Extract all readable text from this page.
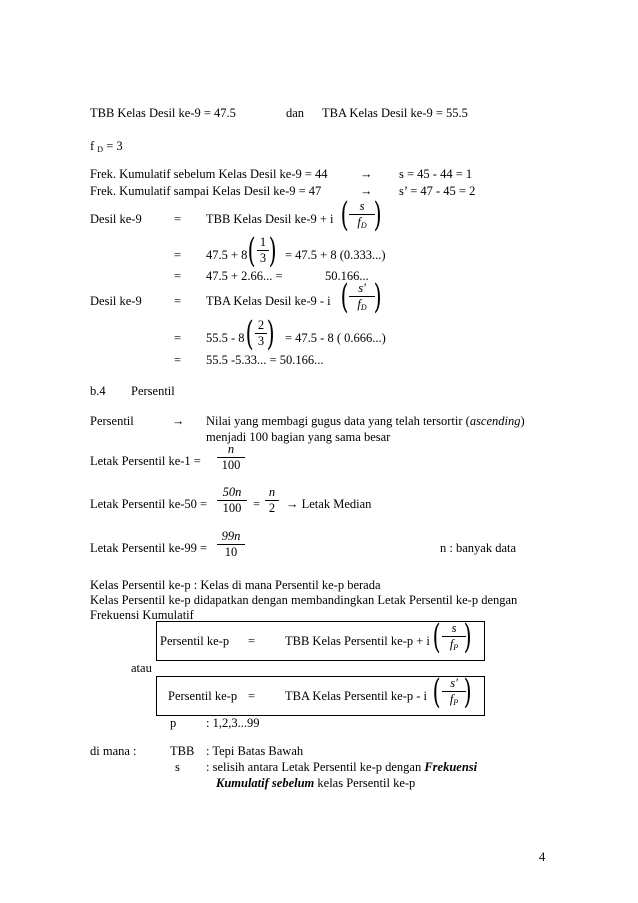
TBB Kelas Desil ke-9 = 47.5	dan TBA Kelas Desil ke-9 = 55.5
f D = 3
Frek. Kumulatif sebelum Kelas Desil ke-9 = 44	→ s = 45 - 44 = 1
Frek. Kumulatif sampai Kelas Desil ke-9 = 47	→ s’ = 47 - 45 = 2
Desil ke-9	= TBB Kelas Desil ke-9 + i ( s
fD )
= 47.5 + 8 ( 1
3 ) = 47.5 + 8 (0.333...)
= 47.5 + 2.66... =	50.166...
Desil ke-9	= TBA Kelas Desil ke-9 - i ( s'
fD )
= 55.5 - 8 ( 2
3 ) = 47.5 - 8 ( 0.666...)
= 55.5 -5.33... = 50.166...
b.4 Persentil
Persentil	→ Nilai yang membagi gugus data yang telah tersortir (ascending)
menjadi 100 bagian yang sama besar
Letak Persentil ke-1 =
n
100
Letak Persentil ke-50 =
50n
100 =
n
2 → Letak Median
Letak Persentil ke-99 =
99n
10	n : banyak data
Kelas Persentil ke-p : Kelas di mana Persentil ke-p berada
Kelas Persentil ke-p didapatkan dengan membandingkan Letak Persentil ke-p dengan
Frekuensi Kumulatif
Persentil ke-p = TBB Kelas Persentil ke-p + i ( s
fP )
atau
Persentil ke-p = TBA Kelas Persentil ke-p - i ( s'
fP )
p : 1,2,3...99
di mana :	TBB : Tepi Batas Bawah
s : selisih antara Letak Persentil ke-p dengan Frekuensi
Kumulatif sebelum kelas Persentil ke-p
4
